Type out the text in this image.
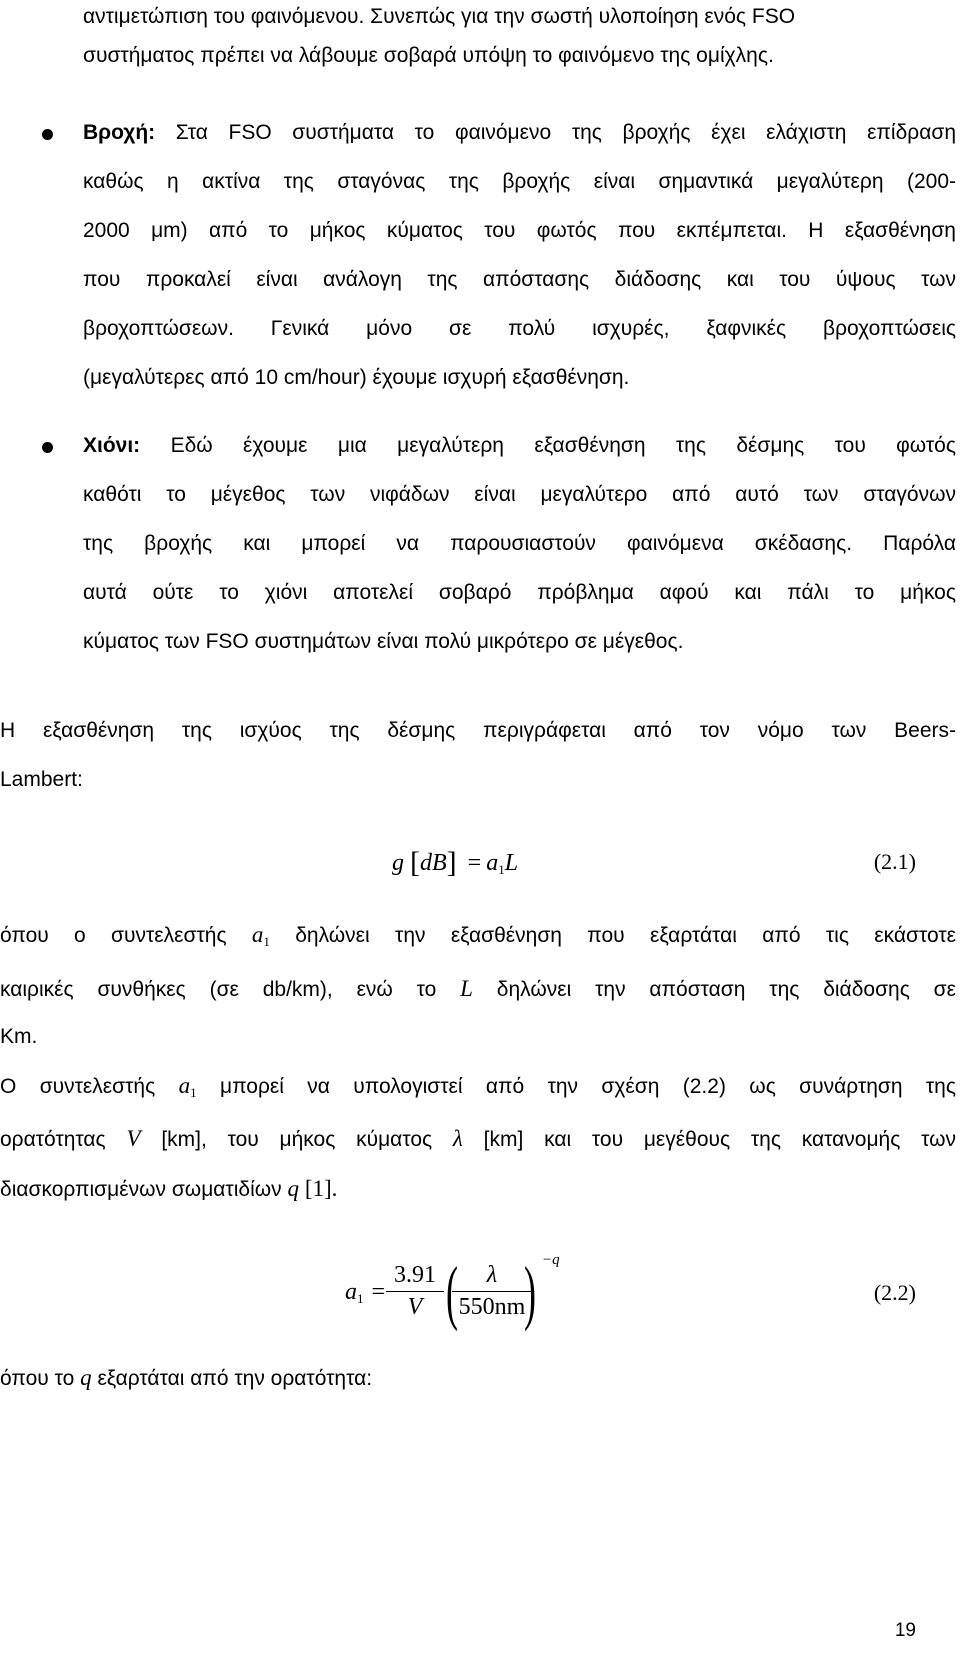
αντιμετώπιση του φαινόμενου. Συνεπώς για την σωστή υλοποίηση ενός FSO
συστήματος πρέπει να λάβουμε σοβαρά υπόψη το φαινόμενο της ομίχλης.
Βροχή: Στα FSO συστήματα το φαινόμενο της βροχής έχει ελάχιστη επίδραση
καθώς η ακτίνα της σταγόνας της βροχής είναι σημαντικά μεγαλύτερη (200-
2000 μm) από το μήκος κύματος του φωτός που εκπέμπεται. Η εξασθένηση
που προκαλεί είναι ανάλογη της απόστασης διάδοσης και του ύψους των
βροχοπτώσεων. Γενικά μόνο σε πολύ ισχυρές, ξαφνικές βροχοπτώσεις
(μεγαλύτερες από 10 cm/hour) έχουμε ισχυρή εξασθένηση.
Χιόνι: Εδώ έχουμε μια μεγαλύτερη εξασθένηση της δέσμης του φωτός
καθότι το μέγεθος των νιφάδων είναι μεγαλύτερο από αυτό των σταγόνων
της βροχής και μπορεί να παρουσιαστούν φαινόμενα σκέδασης. Παρόλα
αυτά ούτε το χιόνι αποτελεί σοβαρό πρόβλημα αφού και πάλι το μήκος
κύματος των FSO συστημάτων είναι πολύ μικρότερο σε μέγεθος.
Η εξασθένηση της ισχύος της δέσμης περιγράφεται από τον νόμο των Beers-
Lambert:
g $[dB] = a_1L$	(2.1)
όπου ο συντελεστής $a_1$ δηλώνει την εξασθένηση που εξαρτάται από τις εκάστοτε
καιρικές συνθήκες (σε db/km), ενώ το L δηλώνει την απόσταση της διάδοσης σε
Km.
Ο συντελεστής $a_1$ μπορεί να υπολογιστεί από την σχέση (2.2) ως συνάρτηση της
ορατότητας V [km], του μήκος κύματος λ [km] και του μεγέθους της κατανομής των
διασκορπισμένων σωματιδίων q [1].
$a_1$ =
3.91
V (	λ
550nm
) −q
(2.2)
όπου το q εξαρτάται από την ορατότητα:
19
